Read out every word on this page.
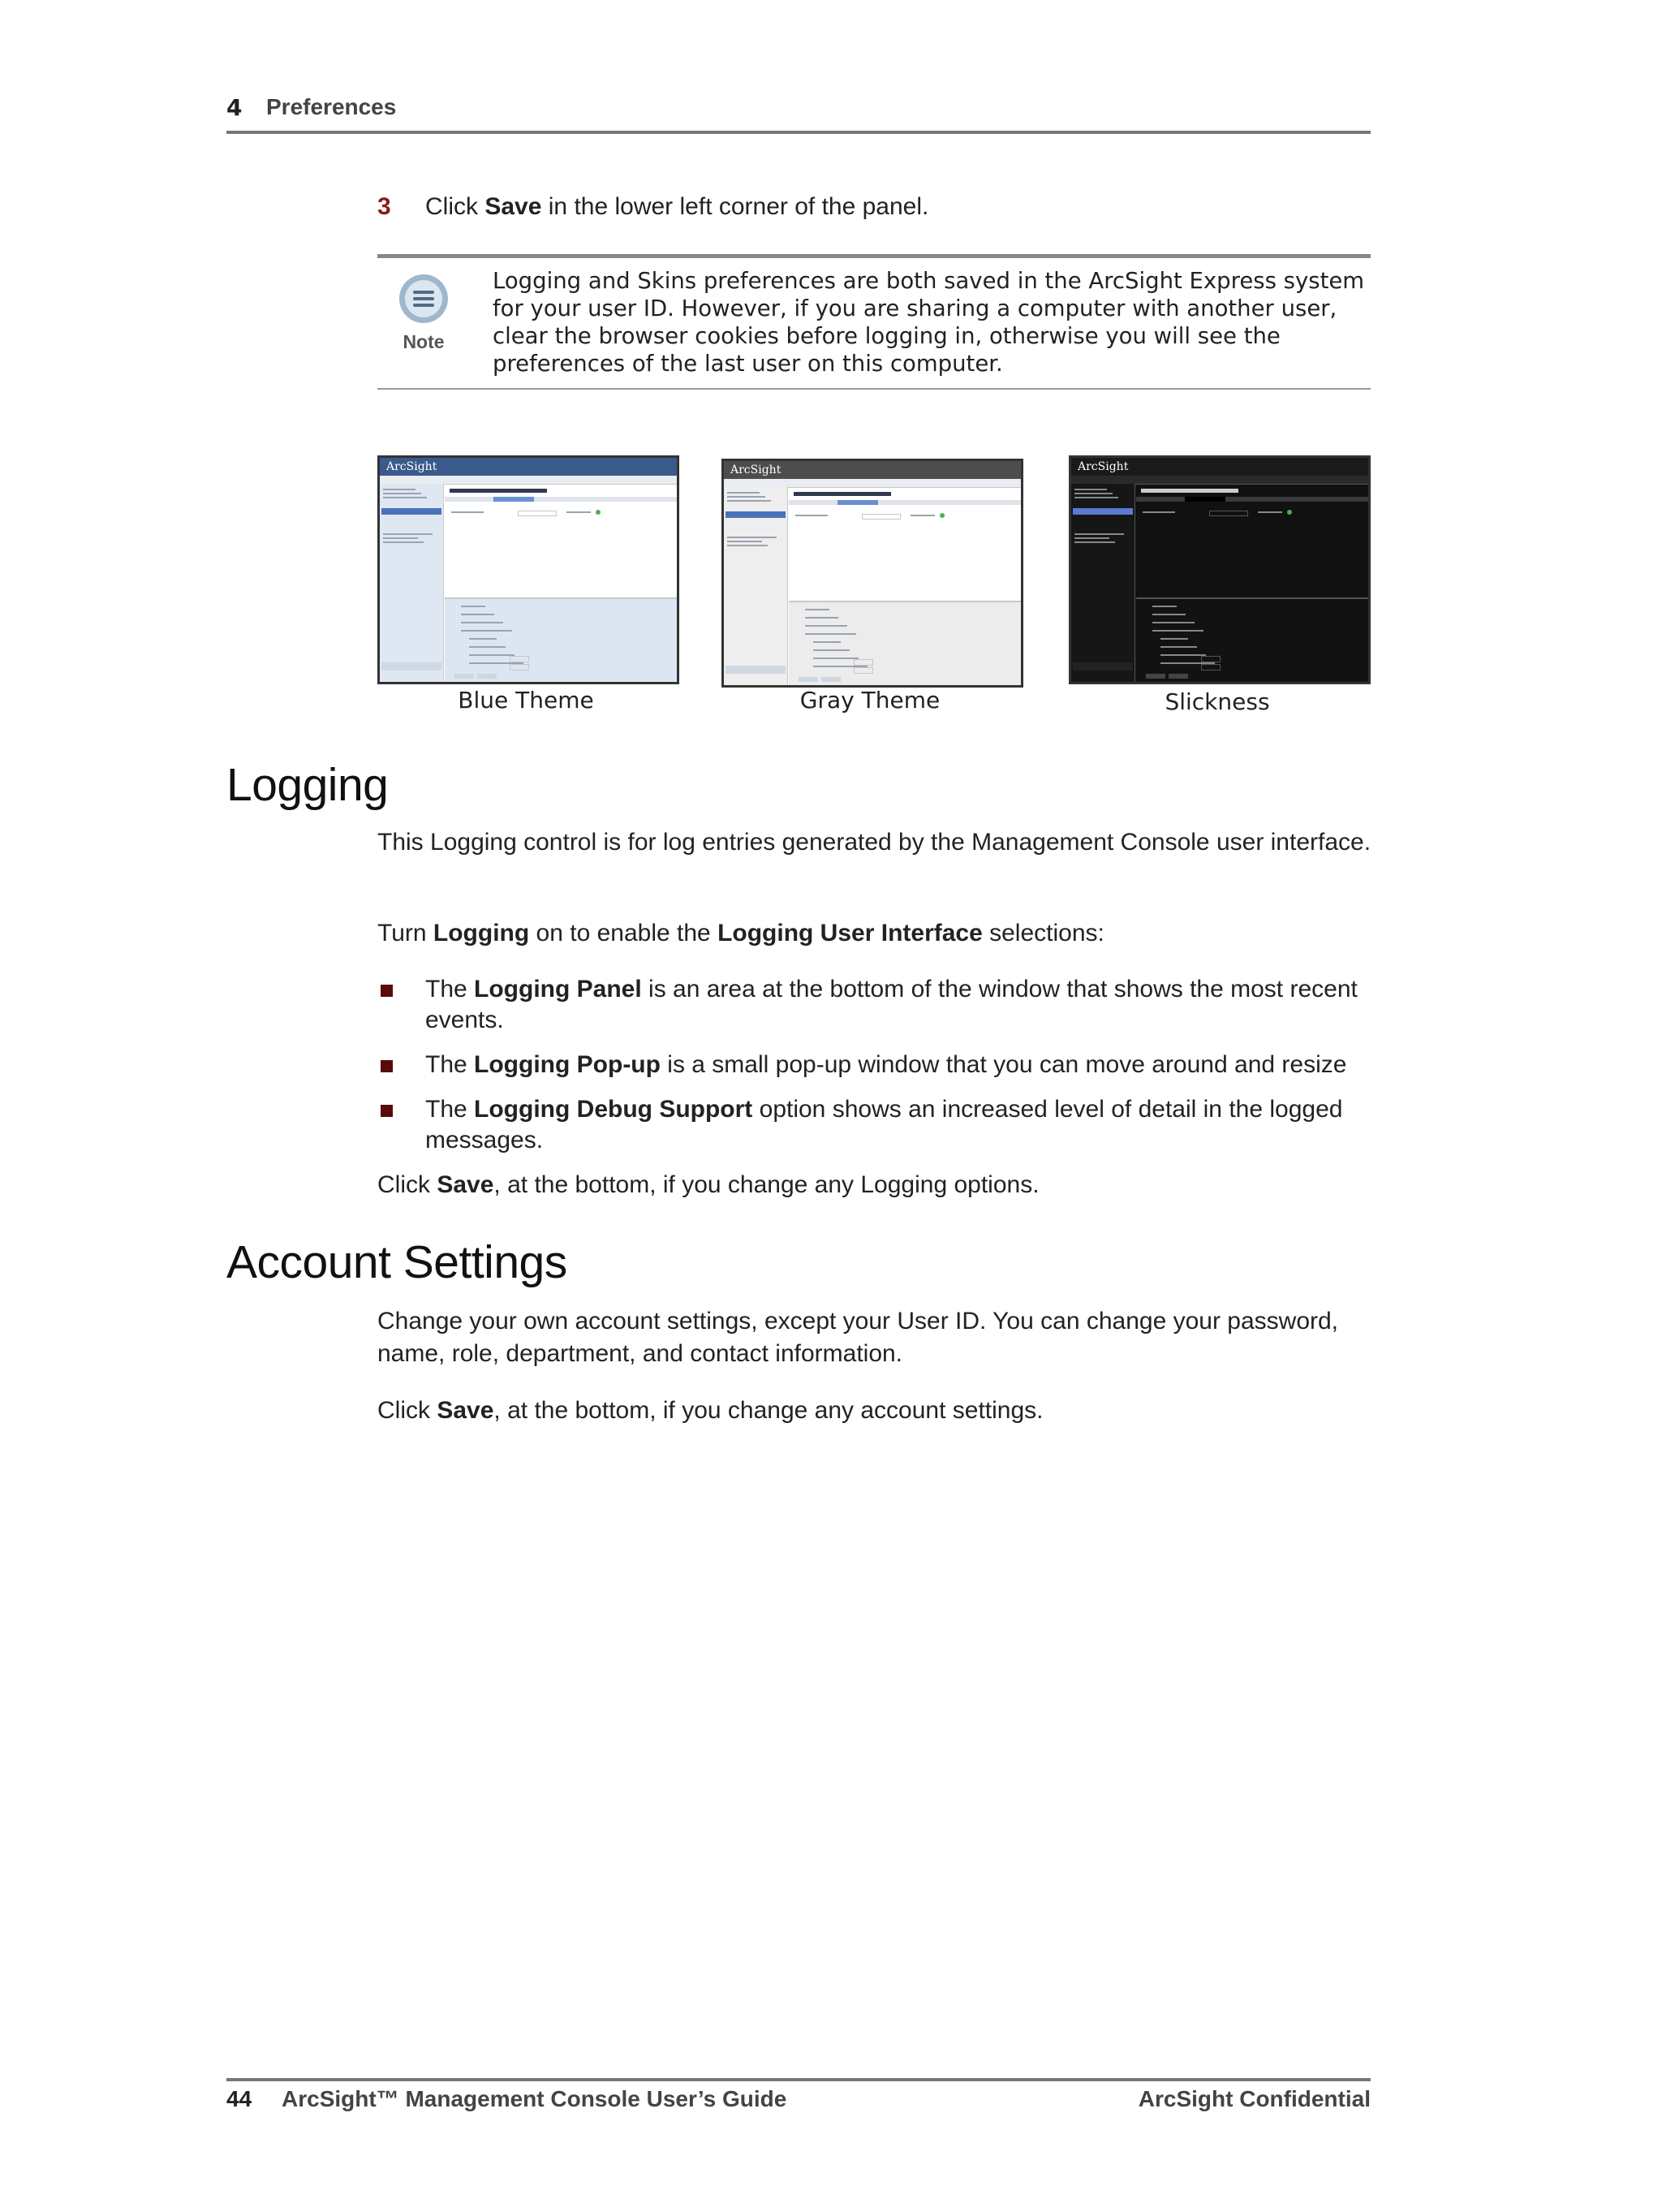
4 Preferences
3 Click Save in the lower left corner of the panel.
Note
Logging and Skins preferences are both saved in the ArcSight Express system for your user ID. However, if you are sharing a computer with another user, clear the browser cookies before logging in, otherwise you will see the preferences of the last user on this computer.
ArcSight	ArcSight	ArcSight
Blue Theme	Gray Theme	Slickness
Logging
This Logging control is for log entries generated by the Management Console user interface.
Turn Logging on to enable the Logging User Interface selections:
The Logging Panel is an area at the bottom of the window that shows the most recent events.
The Logging Pop-up is a small pop-up window that you can move around and resize
The Logging Debug Support option shows an increased level of detail in the logged messages.
Click Save, at the bottom, if you change any Logging options.
Account Settings
Change your own account settings, except your User ID. You can change your password, name, role, department, and contact information.
Click Save, at the bottom, if you change any account settings.
44 ArcSight™ Management Console User’s Guide	ArcSight Confidential
